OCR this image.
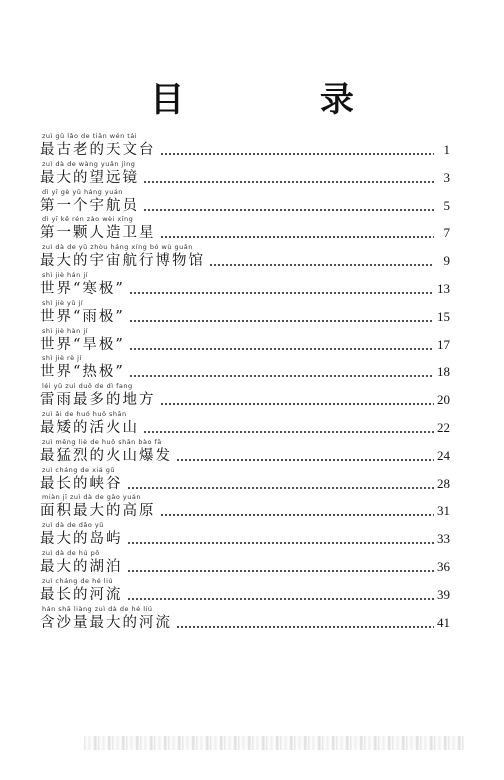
目 录
zuì gǔ lǎo de tiān wén tái
最古老的天文台	1
zuì dà de wàng yuǎn jìng
最大的望远镜	3
dì yī gè yǔ háng yuán
第一个宇航员	5
dì yī kē rén zào wèi xīng
第一颗人造卫星	7
zuì dà de yǔ zhòu háng xíng bó wù guǎn
最大的宇宙航行博物馆	9
shì jiè hán jí
世界“寒极”	13
shì jiè yǔ jí
世界“雨极”	15
shì jiè hàn jí
世界“旱极”	17
shì jiè rè jí
世界“热极”	18
léi yǔ zuì duō de dì fang
雷雨最多的地方	20
zuì ǎi de huó huǒ shān
最矮的活火山	22
zuì měng liè de huǒ shān bào fā
最猛烈的火山爆发	24
zuì cháng de xiá gǔ
最长的峡谷	28
miàn jī zuì dà de gāo yuán
面积最大的高原	31
zuì dà de dǎo yǔ
最大的岛屿	33
zuì dà de hú pō
最大的湖泊	36
zuì cháng de hé liú
最长的河流	39
hán shā liàng zuì dà de hé liú
含沙量最大的河流	41
